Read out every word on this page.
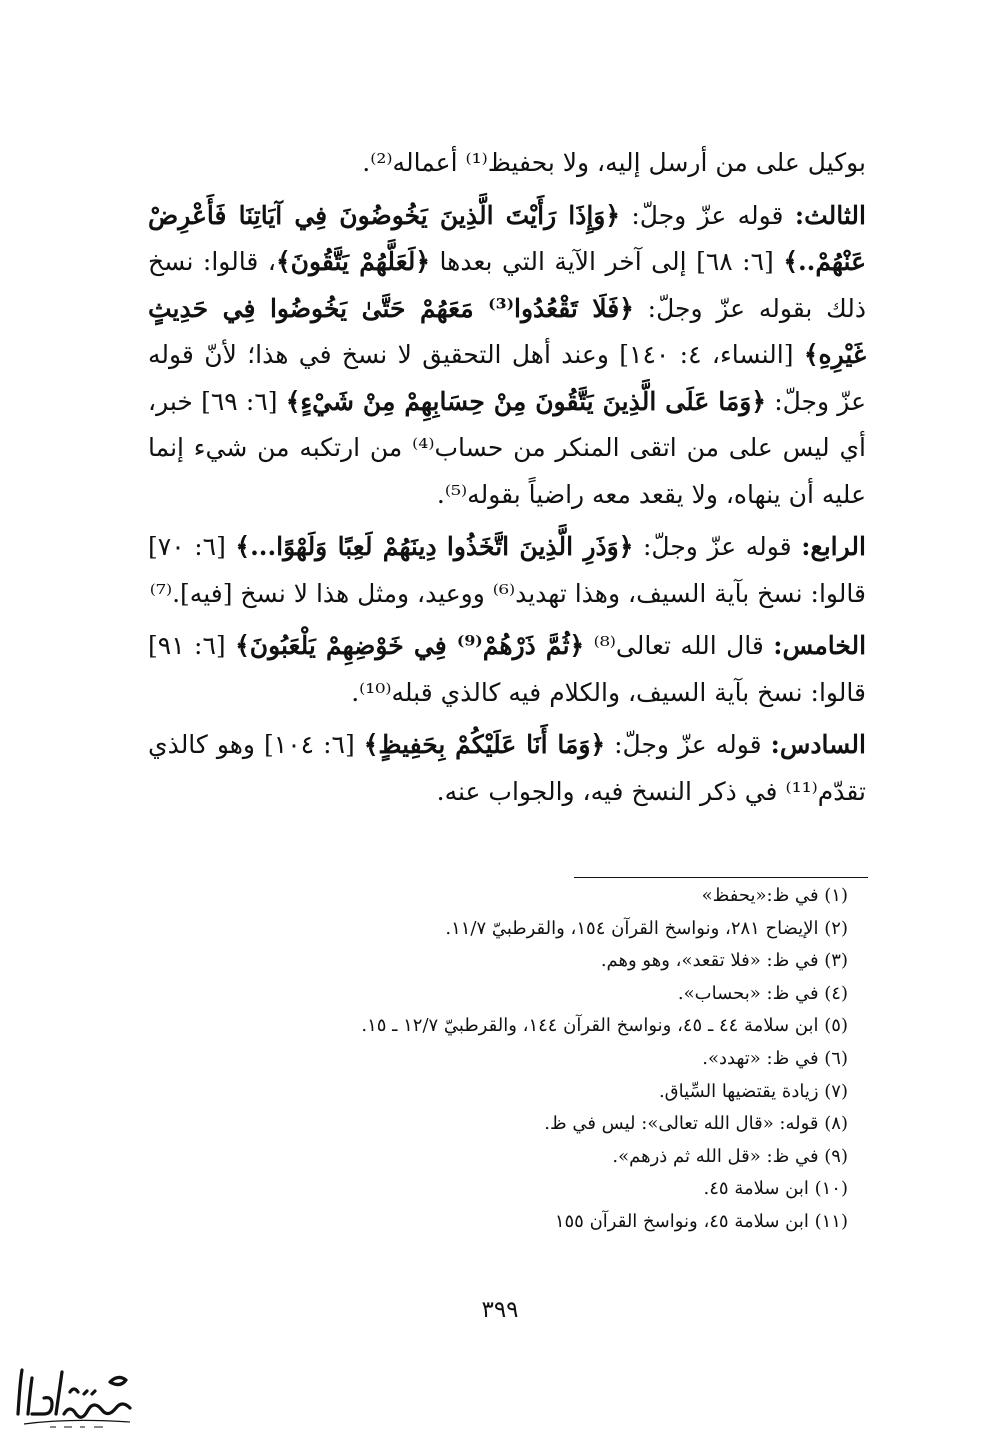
بوكيل على من أرسل إليه، ولا بحفيظ⁽¹⁾ أعماله⁽²⁾.

الثالث: قوله عزّ وجلّ: ﴿وَإِذَا رَأَيْتَ الَّذِينَ يَخُوضُونَ فِي آيَاتِنَا فَأَعْرِضْ عَنْهُمْ..﴾ [٦: ٦٨] إلى آخر الآية التي بعدها ﴿لَعَلَّهُمْ يَتَّقُونَ﴾، قالوا: نسخ ذلك بقوله عزّ وجلّ: ﴿فَلَا تَقْعُدُوا⁽³⁾ مَعَهُمْ حَتَّىٰ يَخُوضُوا فِي حَدِيثٍ غَيْرِهِ﴾ [النساء، ٤: ١٤٠] وعند أهل التحقيق لا نسخ في هذا؛ لأنّ قوله عزّ وجلّ: ﴿وَمَا عَلَى الَّذِينَ يَتَّقُونَ مِنْ حِسَابِهِمْ مِنْ شَيْءٍ﴾ [٦: ٦٩] خبر، أي ليس على من اتقى المنكر من حساب⁽⁴⁾ من ارتكبه من شيء إنما عليه أن ينهاه، ولا يقعد معه راضياً بقوله⁽⁵⁾.

الرابع: قوله عزّ وجلّ: ﴿وَذَرِ الَّذِينَ اتَّخَذُوا دِينَهُمْ لَعِبًا وَلَهْوًا...﴾ [٦: ٧٠] قالوا: نسخ بآية السيف، وهذا تهديد⁽⁶⁾ ووعيد، ومثل هذا لا نسخ [فيه].⁽⁷⁾

الخامس: قال الله تعالى⁽⁸⁾ ﴿ثُمَّ ذَرْهُمْ⁽⁹⁾ فِي خَوْضِهِمْ يَلْعَبُونَ﴾ [٦: ٩١] قالوا: نسخ بآية السيف، والكلام فيه كالذي قبله⁽¹⁰⁾.

السادس: قوله عزّ وجلّ: ﴿وَمَا أَنَا عَلَيْكُمْ بِحَفِيظٍ﴾ [٦: ١٠٤] وهو كالذي تقدّم⁽¹¹⁾ في ذكر النسخ فيه، والجواب عنه.

(١) في ظ:«يحفظ»
(٢) الإيضاح ٢٨١، ونواسخ القرآن ١٥٤، والقرطبيّ ١١/٧.
(٣) في ظ: «فلا تقعد»، وهو وهم.
(٤) في ظ: «بحساب».
(٥) ابن سلامة ٤٤ ـ ٤٥، ونواسخ القرآن ١٤٤، والقرطبيّ ١٢/٧ ـ ١٥.
(٦) في ظ: «تهدد».
(٧) زيادة يقتضيها السِّياق.
(٨) قوله: «قال الله تعالى»: ليس في ظ.
(٩) في ظ: «قل الله ثم ذرهم».
(١٠) ابن سلامة ٤٥.
(١١) ابن سلامة ٤٥، ونواسخ القرآن ١٥٥
٣٩٩
